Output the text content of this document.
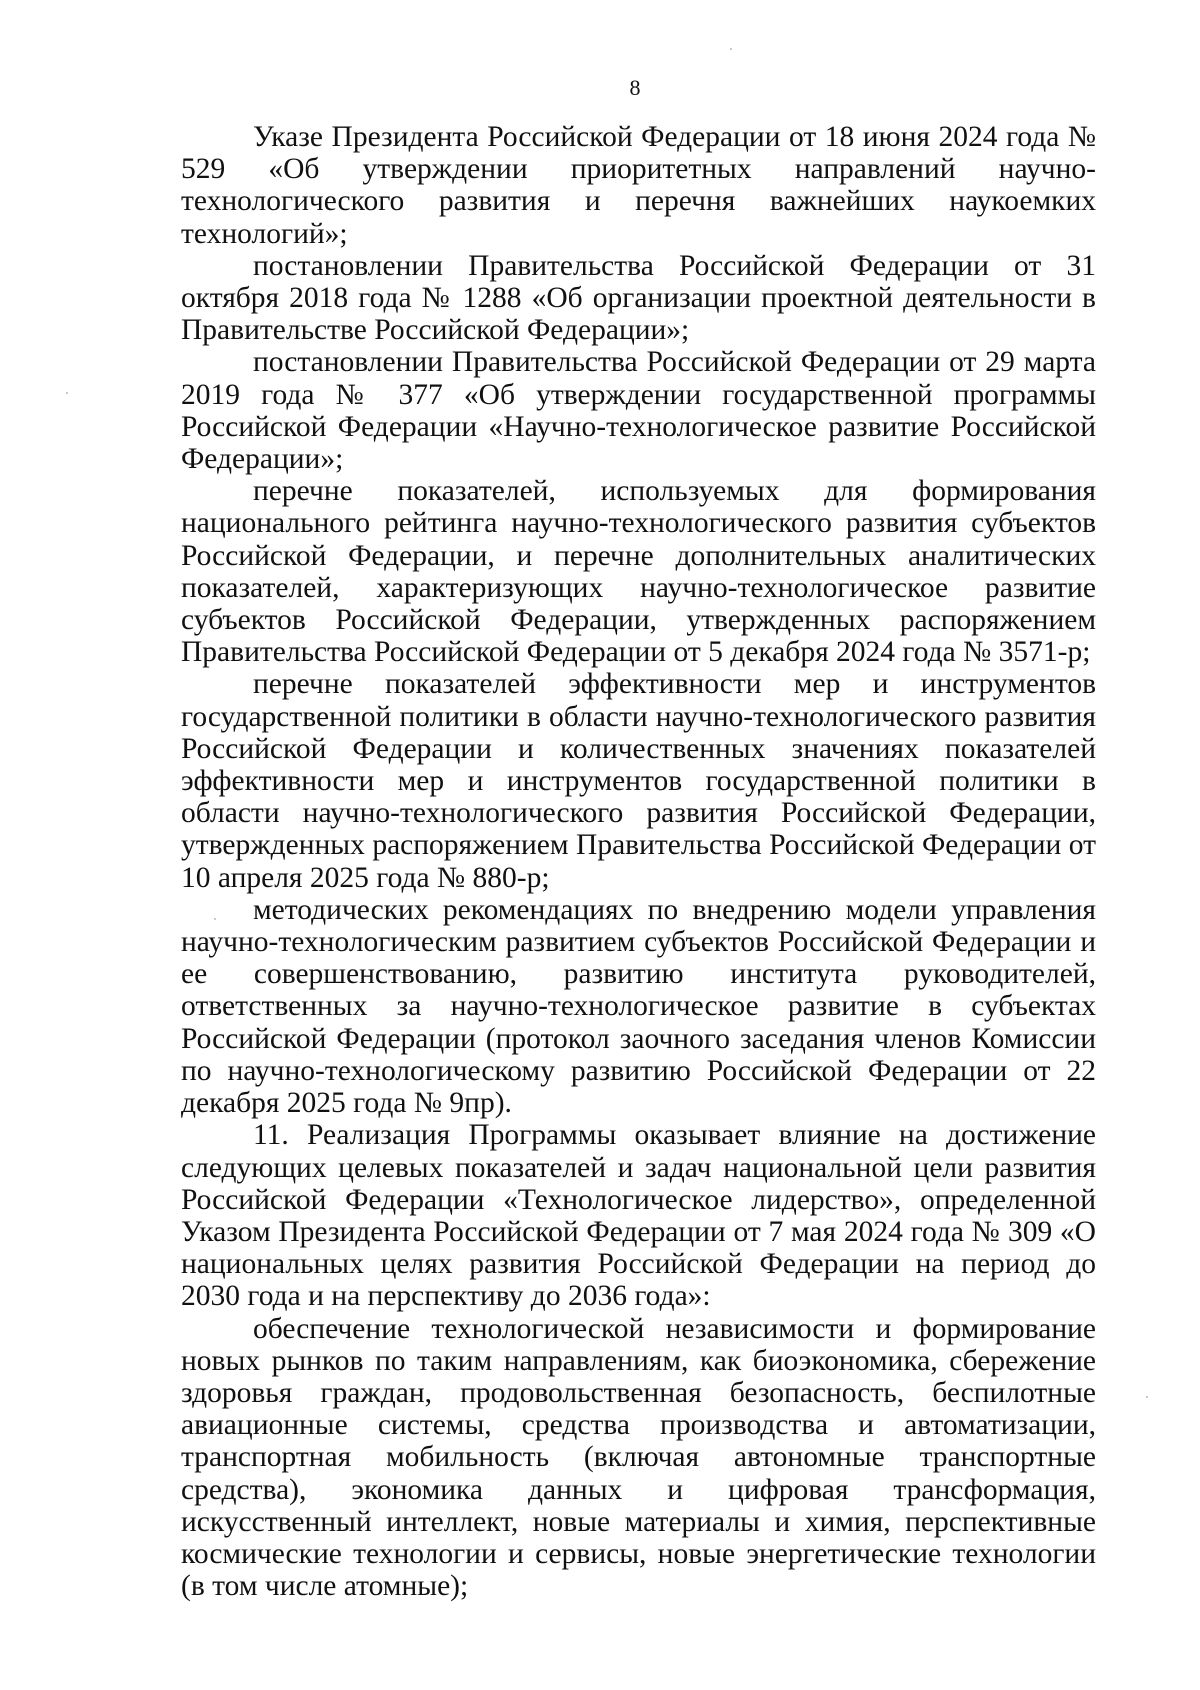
8

Указе Президента Российской Федерации от 18 июня 2024 года № 529 «Об утверждении приоритетных направлений научно-технологического развития и перечня важнейших наукоемких технологий»;

постановлении Правительства Российской Федерации от 31 октября 2018 года № 1288 «Об организации проектной деятельности в Правительстве Российской Федерации»;

постановлении Правительства Российской Федерации от 29 марта 2019 года № 377 «Об утверждении государственной программы Российской Федерации «Научно-технологическое развитие Российской Федерации»;

перечне показателей, используемых для формирования национального рейтинга научно-технологического развития субъектов Российской Федерации, и перечне дополнительных аналитических показателей, характеризующих научно-технологическое развитие субъектов Российской Федерации, утвержденных распоряжением Правительства Российской Федерации от 5 декабря 2024 года № 3571-р;

перечне показателей эффективности мер и инструментов государственной политики в области научно-технологического развития Российской Федерации и количественных значениях показателей эффективности мер и инструментов государственной политики в области научно-технологического развития Российской Федерации, утвержденных распоряжением Правительства Российской Федерации от 10 апреля 2025 года № 880-р;

методических рекомендациях по внедрению модели управления научно-технологическим развитием субъектов Российской Федерации и ее совершенствованию, развитию института руководителей, ответственных за научно-технологическое развитие в субъектах Российской Федерации (протокол заочного заседания членов Комиссии по научно-технологическому развитию Российской Федерации от 22 декабря 2025 года № 9пр).

11. Реализация Программы оказывает влияние на достижение следующих целевых показателей и задач национальной цели развития Российской Федерации «Технологическое лидерство», определенной Указом Президента Российской Федерации от 7 мая 2024 года № 309 «О национальных целях развития Российской Федерации на период до 2030 года и на перспективу до 2036 года»:

обеспечение технологической независимости и формирование новых рынков по таким направлениям, как биоэкономика, сбережение здоровья граждан, продовольственная безопасность, беспилотные авиационные системы, средства производства и автоматизации, транспортная мобильность (включая автономные транспортные средства), экономика данных и цифровая трансформация, искусственный интеллект, новые материалы и химия, перспективные космические технологии и сервисы, новые энергетические технологии (в том числе атомные);
